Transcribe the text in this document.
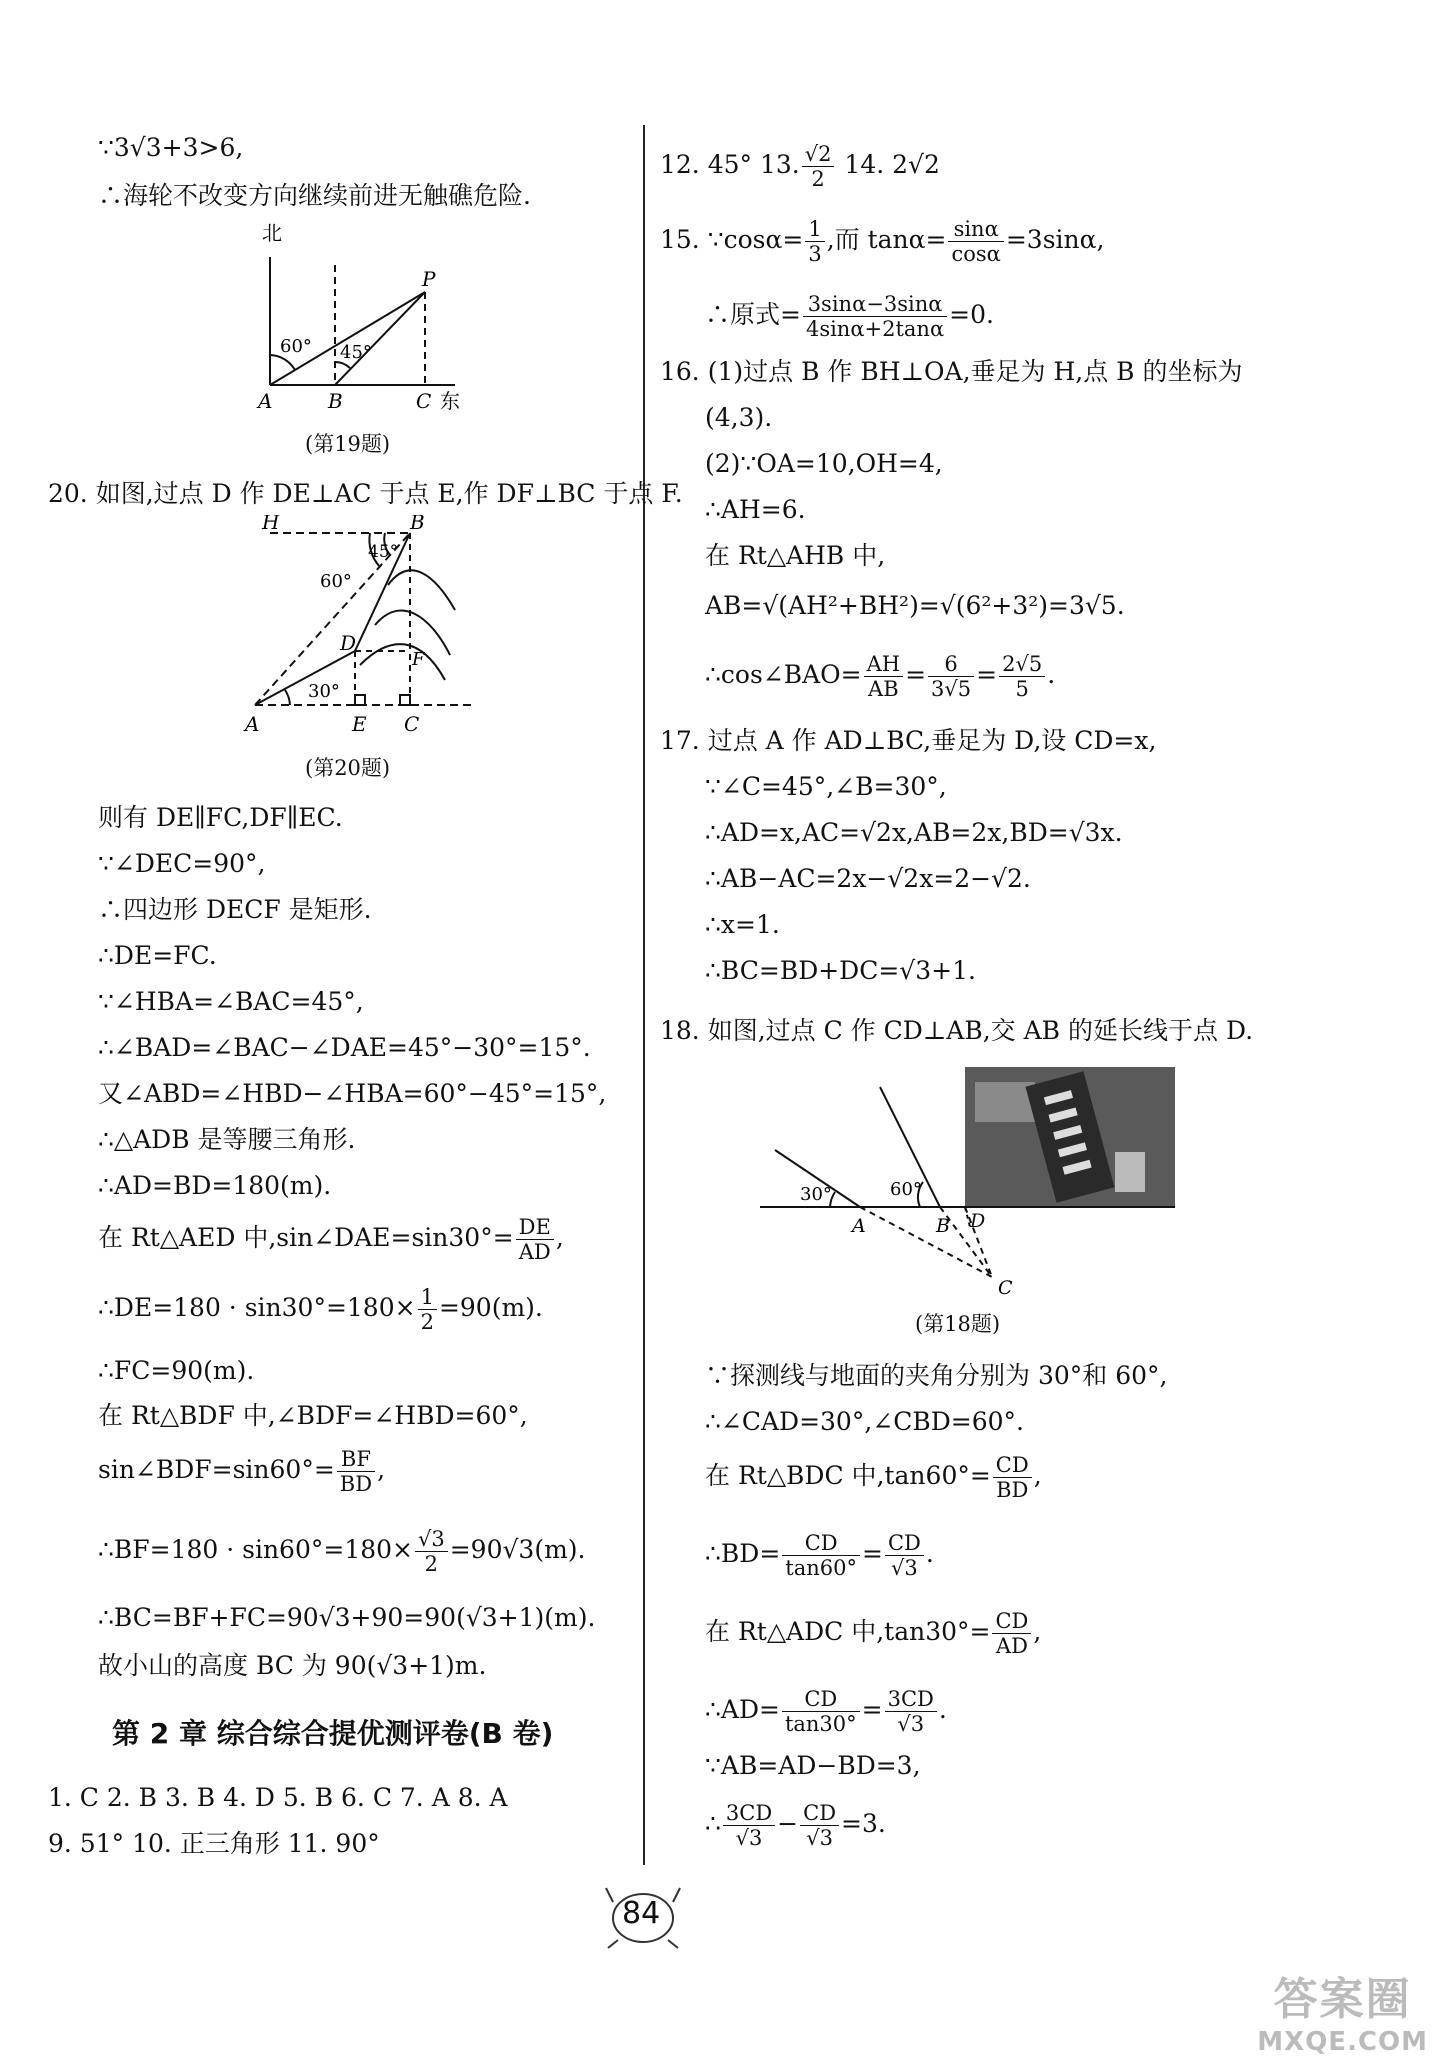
∵3√3+3>6,
∴海轮不改变方向继续前进无触礁危险.
北
60° 45°
A	B	C 东
P
(第19题)
20. 如图,过点 D 作 DE⊥AC 于点 E,作 DF⊥BC 于点 F.
H	B
45°
60°
D
F
30°
A	E C
(第20题)
则有 DE∥FC,DF∥EC.
∵∠DEC=90°,
∴四边形 DECF 是矩形.
∴DE=FC.
∵∠HBA=∠BAC=45°,
∴∠BAD=∠BAC−∠DAE=45°−30°=15°.
又∠ABD=∠HBD−∠HBA=60°−45°=15°,
∴△ADB 是等腰三角形.
∴AD=BD=180(m).
在 Rt△AED 中,sin∠DAE=sin30°= $\frac{DE}{AD}$ ,
∴DE=180 · $\sin 30^\circ=180\times \frac{1}{2} =90(m)$.
∴FC=90(m).
在 Rt△BDF 中,∠BDF=∠HBD=60°,
sin∠BDF=sin60°= $\frac{BF}{BD}$ ,
∴BF=180 · $\sin 60^\circ=180\times \frac{√3}{2} =90√3(m)$.
∴BC=BF+FC=90√3+90=90(√3+1)(m).
故小山的高度 BC 为 90(√3+1)m.
第 2 章 综合综合提优测评卷(B 卷)
1. C 2. B 3. B 4. D 5. B 6. C 7. A 8. A
9. 51° 10. 正三角形 11. 90°
12. 45° 13. $\frac{√2}{2} 14$. 2√2
15. ∵cosα= $\frac{1}{3}$ ,而 $\tan\alpha= \frac{\sin\alpha}{\cos\alpha} =3\sin\alpha$,
∴原式= $\frac{3\sin\alpha-3\sin\alpha}{4\sin\alpha+2\tan\alpha} =0$.
16. (1)过点 B 作 BH⊥OA,垂足为 H,点 B 的坐标为
(4,3).
(2)∵OA=10,OH=4,
∴AH=6.
在 Rt△AHB 中,
AB=√(AH²+BH²)=√(6²+3²)=3√5.
∴cos∠BAO= $\frac{AH}{AB} = \frac{6}{3√5} = \frac{2√5}{5}$ .
17. 过点 A 作 AD⊥BC,垂足为 D,设 CD=x,
∵∠C=45°,∠B=30°,
∴AD=x,AC=√2x,AB=2x,BD=√3x.
∴AB−AC=2x−√2x=2−√2.
∴x=1.
∴BC=BD+DC=√3+1.
18. 如图,过点 C 作 CD⊥AB,交 AB 的延长线于点 D.
30°	60°
A	B D
C
(第18题)
∵探测线与地面的夹角分别为 30°和 60°,
∴∠CAD=30°,∠CBD=60°.
在 Rt△BDC 中$,\tan 60^\circ= \frac{CD}{BD}$ ,
∴BD= $\frac{CD}{\tan 60^\circ} = \frac{CD}{√3}$ .
在 Rt△ADC 中$,\tan 30^\circ= \frac{CD}{AD}$ ,
∴AD= $\frac{CD}{\tan 30^\circ} = \frac{3CD}{√3}$ .
∵AB=AD−BD=3,
∴ $\frac{3CD}{√3} - \frac{CD}{√3} =3$.
84
答案圈
MXQE.COM
